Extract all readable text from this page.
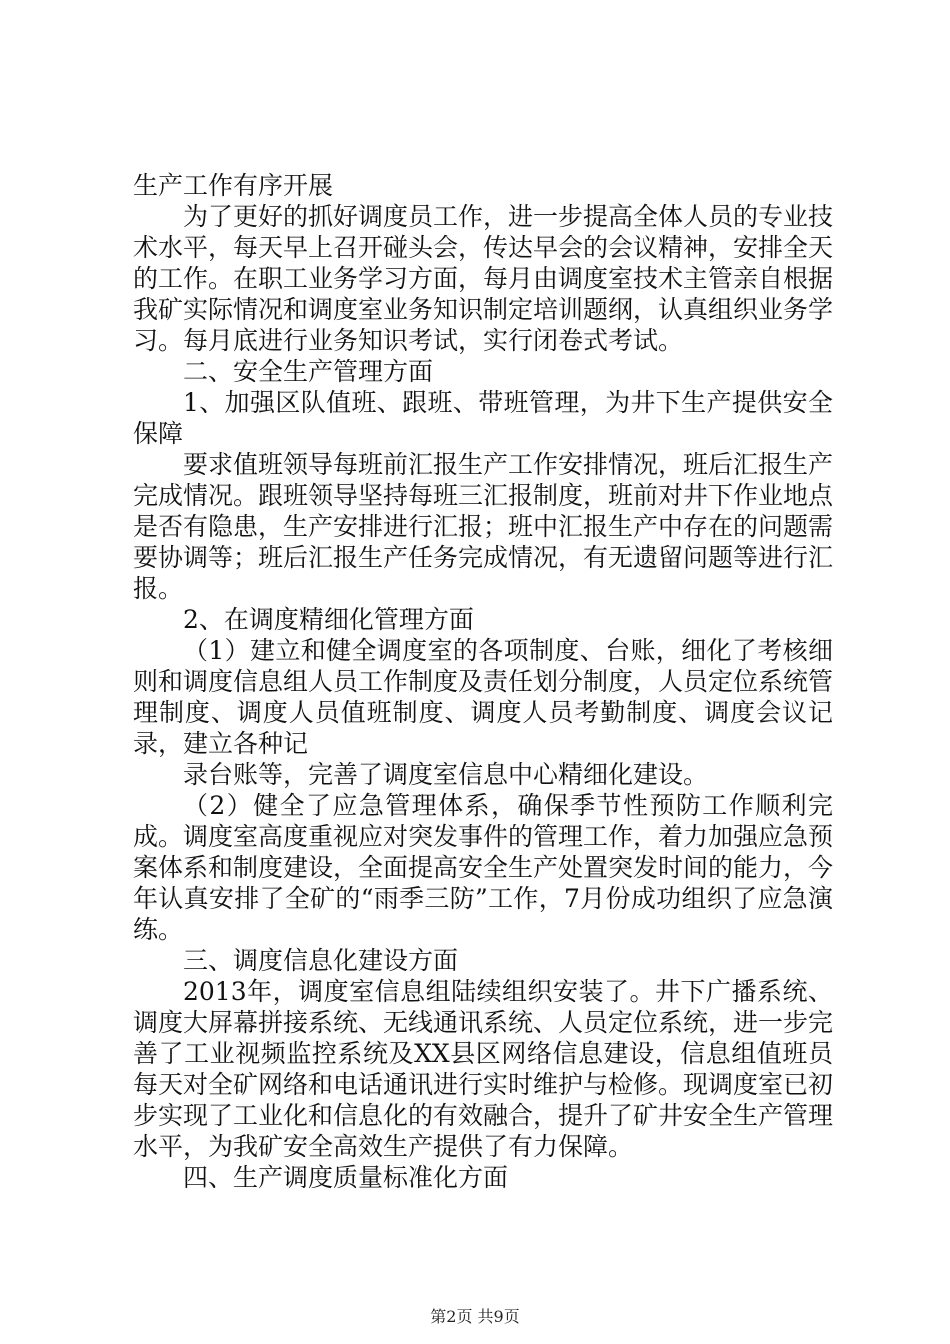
生产工作有序开展

为了更好的抓好调度员工作，进一步提高全体人员的专业技术水平，每天早上召开碰头会，传达早会的会议精神，安排全天的工作。在职工业务学习方面，每月由调度室技术主管亲自根据我矿实际情况和调度室业务知识制定培训题纲，认真组织业务学习。每月底进行业务知识考试，实行闭卷式考试。

二、安全生产管理方面

1、加强区队值班、跟班、带班管理，为井下生产提供安全保障

要求值班领导每班前汇报生产工作安排情况，班后汇报生产完成情况。跟班领导坚持每班三汇报制度，班前对井下作业地点是否有隐患，生产安排进行汇报；班中汇报生产中存在的问题需要协调等；班后汇报生产任务完成情况，有无遗留问题等进行汇报。

2、在调度精细化管理方面

（1）建立和健全调度室的各项制度、台账，细化了考核细则和调度信息组人员工作制度及责任划分制度，人员定位系统管理制度、调度人员值班制度、调度人员考勤制度、调度会议记录，建立各种记

录台账等，完善了调度室信息中心精细化建设。

（2）健全了应急管理体系，确保季节性预防工作顺利完成。调度室高度重视应对突发事件的管理工作，着力加强应急预案体系和制度建设，全面提高安全生产处置突发时间的能力，今年认真安排了全矿的“雨季三防”工作，7月份成功组织了应急演练。

三、调度信息化建设方面

2013年，调度室信息组陆续组织安装了。井下广播系统、调度大屏幕拼接系统、无线通讯系统、人员定位系统，进一步完善了工业视频监控系统及XX县区网络信息建设，信息组值班员每天对全矿网络和电话通讯进行实时维护与检修。现调度室已初步实现了工业化和信息化的有效融合，提升了矿井安全生产管理水平，为我矿安全高效生产提供了有力保障。

四、生产调度质量标准化方面

第2页 共9页
